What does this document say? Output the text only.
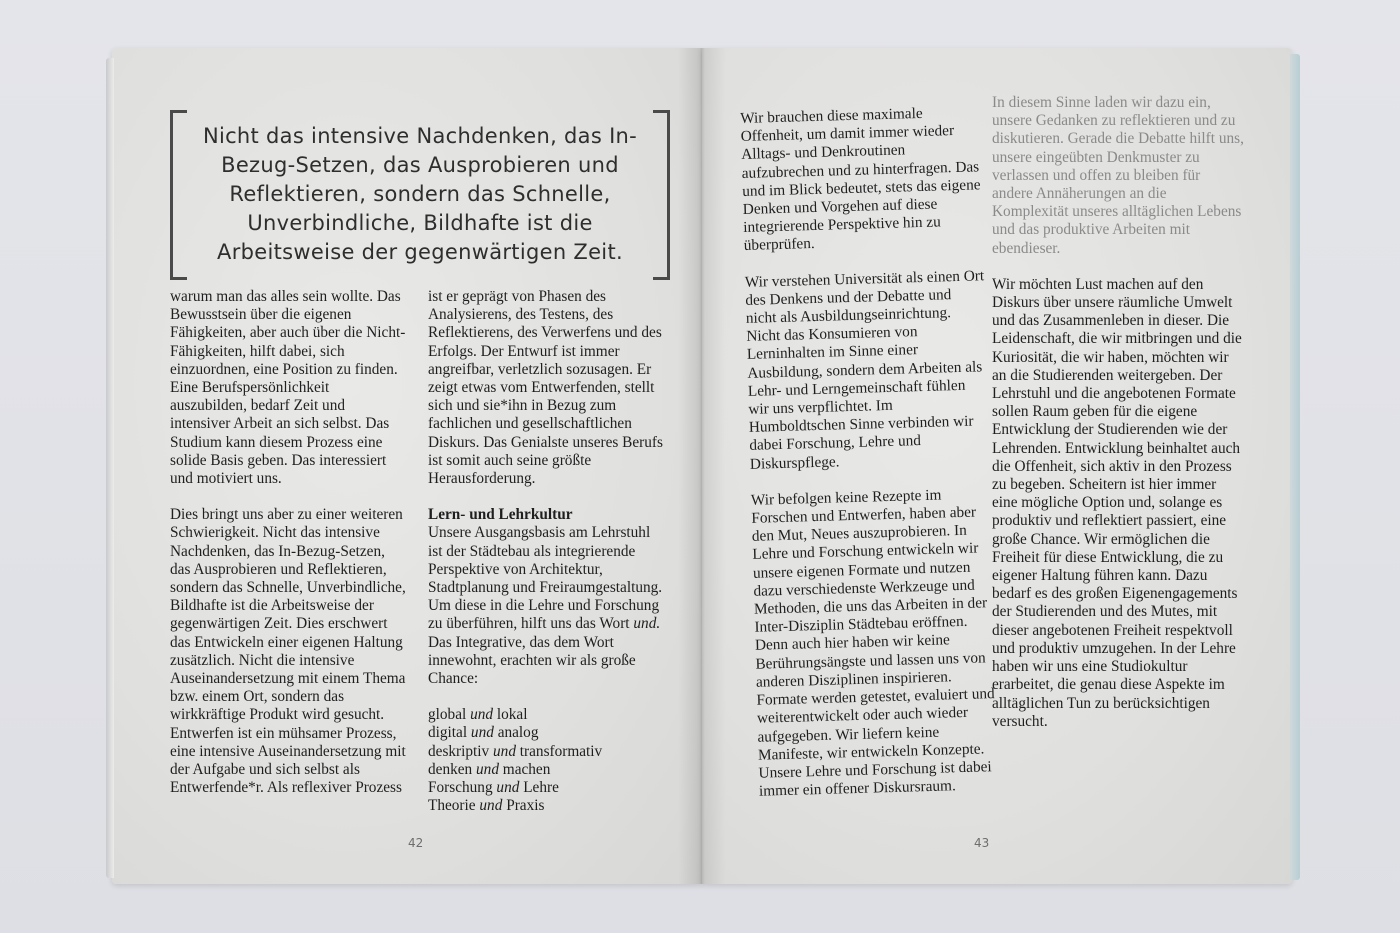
Nicht das intensive Nachdenken, das In-Bezug-Setzen, das Ausprobieren und Reflektieren, sondern das Schnelle, Unverbindliche, Bildhafte ist die Arbeitsweise der gegenwärtigen Zeit.

warum man das alles sein wollte. Das Bewusstsein über die eigenen Fähigkeiten, aber auch über die Nicht-Fähigkeiten, hilft dabei, sich einzuordnen, eine Position zu finden. Eine Berufspersönlichkeit auszubilden, bedarf Zeit und intensiver Arbeit an sich selbst. Das Studium kann diesem Prozess eine solide Basis geben. Das interessiert und motiviert uns.

Dies bringt uns aber zu einer weiteren Schwierigkeit. Nicht das intensive Nachdenken, das In-Bezug-Setzen, das Ausprobieren und Reflektieren, sondern das Schnelle, Unverbindliche, Bildhafte ist die Arbeitsweise der gegenwärtigen Zeit. Dies erschwert das Entwickeln einer eigenen Haltung zusätzlich. Nicht die intensive Auseinandersetzung mit einem Thema bzw. einem Ort, sondern das wirkkräftige Produkt wird gesucht. Entwerfen ist ein mühsamer Prozess, eine intensive Auseinandersetzung mit der Aufgabe und sich selbst als Entwerfende*r. Als reflexiver Prozess

ist er geprägt von Phasen des Analysierens, des Testens, des Reflektierens, des Verwerfens und des Erfolgs. Der Entwurf ist immer angreifbar, verletzlich sozusagen. Er zeigt etwas vom Entwerfenden, stellt sich und sie*ihn in Bezug zum fachlichen und gesellschaftlichen Diskurs. Das Genialste unseres Berufs ist somit auch seine größte Herausforderung.

Lern- und Lehrkultur

Unsere Ausgangsbasis am Lehrstuhl ist der Städtebau als integrierende Perspektive von Architektur, Stadtplanung und Freiraumgestaltung. Um diese in die Lehre und Forschung zu überführen, hilft uns das Wort und.

Das Integrative, das dem Wort innewohnt, erachten wir als große Chance:

global und lokal
digital und analog
deskriptiv und transformativ
denken und machen
Forschung und Lehre
Theorie und Praxis
42

Wir brauchen diese maximale Offenheit, um damit immer wieder Alltags- und Denkroutinen aufzubrechen und zu hinterfragen. Das und im Blick bedeutet, stets das eigene Denken und Vorgehen auf diese integrierende Perspektive hin zu überprüfen.

Wir verstehen Universität als einen Ort des Denkens und der Debatte und nicht als Ausbildungseinrichtung. Nicht das Konsumieren von Lerninhalten im Sinne einer Ausbildung, sondern dem Arbeiten als Lehr- und Lerngemeinschaft fühlen wir uns verpflichtet. Im Humboldtschen Sinne verbinden wir dabei Forschung, Lehre und Diskurspflege.

Wir befolgen keine Rezepte im Forschen und Entwerfen, haben aber den Mut, Neues auszuprobieren. In Lehre und Forschung entwickeln wir unsere eigenen Formate und nutzen dazu verschiedenste Werkzeuge und Methoden, die uns das Arbeiten in der Inter-Disziplin Städtebau eröffnen. Denn auch hier haben wir keine Berührungsängste und lassen uns von anderen Disziplinen inspirieren. Formate werden getestet, evaluiert und weiterentwickelt oder auch wieder aufgegeben. Wir liefern keine Manifeste, wir entwickeln Konzepte. Unsere Lehre und Forschung ist dabei immer ein offener Diskursraum.

In diesem Sinne laden wir dazu ein, unsere Gedanken zu reflektieren und zu diskutieren. Gerade die Debatte hilft uns, unsere eingeübten Denkmuster zu verlassen und offen zu bleiben für andere Annäherungen an die Komplexität unseres alltäglichen Lebens und das produktive Arbeiten mit ebendieser.

Wir möchten Lust machen auf den Diskurs über unsere räumliche Umwelt und das Zusammenleben in dieser. Die Leidenschaft, die wir mitbringen und die Kuriosität, die wir haben, möchten wir an die Studierenden weitergeben. Der Lehrstuhl und die angebotenen Formate sollen Raum geben für die eigene Entwicklung der Studierenden wie der Lehrenden. Entwicklung beinhaltet auch die Offenheit, sich aktiv in den Prozess zu begeben. Scheitern ist hier immer eine mögliche Option und, solange es produktiv und reflektiert passiert, eine große Chance. Wir ermöglichen die Freiheit für diese Entwicklung, die zu eigener Haltung führen kann. Dazu bedarf es des großen Eigenengagements der Studierenden und des Mutes, mit dieser angebotenen Freiheit respektvoll und produktiv umzugehen. In der Lehre haben wir uns eine Studiokultur erarbeitet, die genau diese Aspekte im alltäglichen Tun zu berücksichtigen versucht.

43
